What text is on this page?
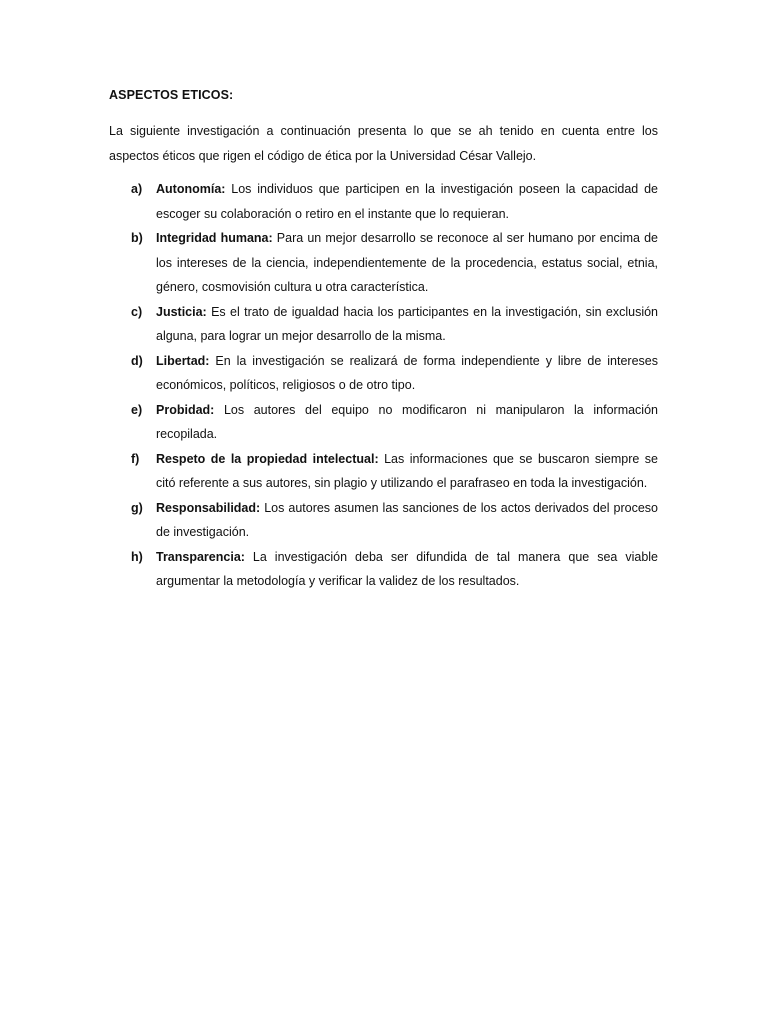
ASPECTOS ETICOS:

La siguiente investigación a continuación presenta lo que se ah tenido en cuenta entre los aspectos éticos que rigen el código de ética por la Universidad César Vallejo.

a) Autonomía: Los individuos que participen en la investigación poseen la capacidad de escoger su colaboración o retiro en el instante que lo requieran.
b) Integridad humana: Para un mejor desarrollo se reconoce al ser humano por encima de los intereses de la ciencia, independientemente de la procedencia, estatus social, etnia, género, cosmovisión cultura u otra característica.
c) Justicia: Es el trato de igualdad hacia los participantes en la investigación, sin exclusión alguna, para lograr un mejor desarrollo de la misma.
d) Libertad: En la investigación se realizará de forma independiente y libre de intereses económicos, políticos, religiosos o de otro tipo.
e) Probidad: Los autores del equipo no modificaron ni manipularon la información recopilada.
f) Respeto de la propiedad intelectual: Las informaciones que se buscaron siempre se citó referente a sus autores, sin plagio y utilizando el parafraseo en toda la investigación.
g) Responsabilidad: Los autores asumen las sanciones de los actos derivados del proceso de investigación.
h) Transparencia: La investigación deba ser difundida de tal manera que sea viable argumentar la metodología y verificar la validez de los resultados.
